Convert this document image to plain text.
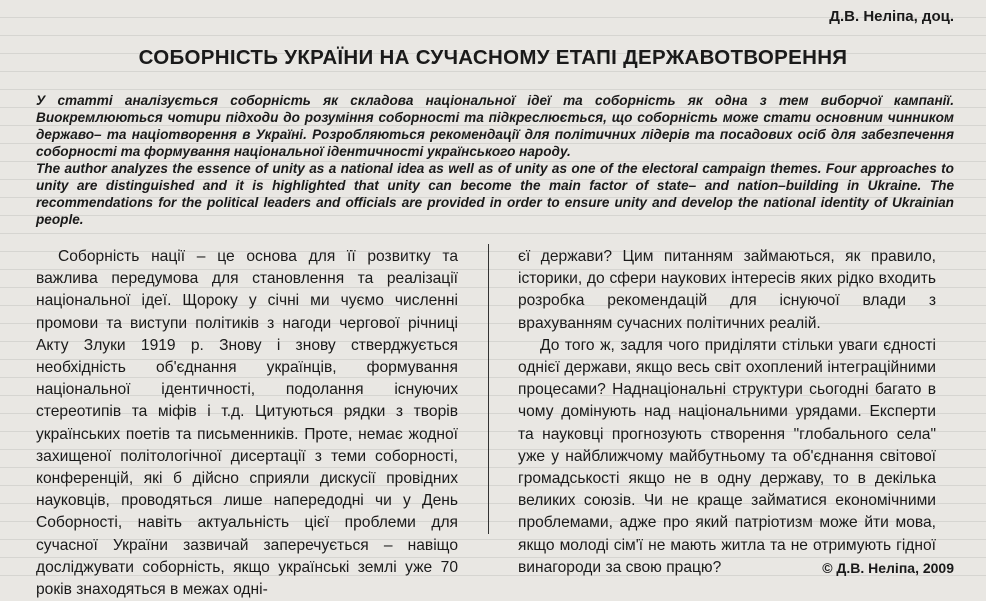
Д.В. Неліпа, доц.
СОБОРНІСТЬ УКРАЇНИ НА СУЧАСНОМУ ЕТАПІ ДЕРЖАВОТВОРЕННЯ
У статті аналізується соборність як складова національної ідеї та соборність як одна з тем виборчої кампанії. Виокремлюються чотири підходи до розуміння соборності та підкреслюється, що соборність може стати основним чинником державо– та націотворення в Україні. Розробляються рекомендації для політичних лідерів та посадових осіб для забезпечення соборності та формування національної ідентичності українського народу.
The author analyzes the essence of unity as a national idea as well as of unity as one of the electoral campaign themes. Four approaches to unity are distinguished and it is highlighted that unity can become the main factor of state– and nation–building in Ukraine. The recommendations for the political leaders and officials are provided in order to ensure unity and develop the national identity of Ukrainian people.

Соборність нації – це основа для її розвитку та важлива передумова для становлення та реалізації національної ідеї. Щороку у січні ми чуємо численні промови та виступи політиків з нагоди чергової річниці Акту Злуки 1919 р. Знову і знову стверджується необхідність об'єднання українців, формування національної ідентичності, подолання існуючих стереотипів та міфів і т.д. Цитуються рядки з творів українських поетів та письменників. Проте, немає жодної захищеної політологічної дисертації з теми соборності, конференцій, які б дійсно сприяли дискусії провідних науковців, проводяться лише напередодні чи у День Соборності, навіть актуальність цієї проблеми для сучасної України зазвичай заперечується – навіщо досліджувати соборність, якщо українські землі уже 70 років знаходяться в межах одні-

єї держави? Цим питанням займаються, як правило, історики, до сфери наукових інтересів яких рідко входить розробка рекомендацій для існуючої влади з врахуванням сучасних політичних реалій.

До того ж, задля чого приділяти стільки уваги єдності однієї держави, якщо весь світ охоплений інтеграційними процесами? Наднаціональні структури сьогодні багато в чому домінують над національними урядами. Експерти та науковці прогнозують створення "глобального села" уже у найближчому майбутньому та об'єднання світової громадськості якщо не в одну державу, то в декілька великих союзів. Чи не краще займатися економічними проблемами, адже про який патріотизм може йти мова, якщо молоді сім'ї не мають житла та не отримують гідної винагороди за свою працю?	© Д.В. Неліпа, 2009
